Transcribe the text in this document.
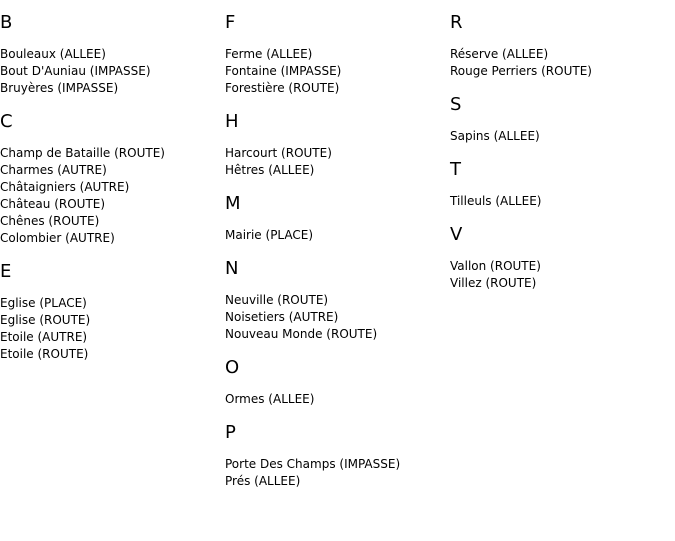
B
Bouleaux (ALLEE)
Bout D'Auniau (IMPASSE)
Bruyères (IMPASSE)
C
Champ de Bataille (ROUTE)
Charmes (AUTRE)
Châtaigniers (AUTRE)
Château (ROUTE)
Chênes (ROUTE)
Colombier (AUTRE)
E
Eglise (PLACE)
Eglise (ROUTE)
Etoile (AUTRE)
Etoile (ROUTE)
F
Ferme (ALLEE)
Fontaine (IMPASSE)
Forestière (ROUTE)
H
Harcourt (ROUTE)
Hêtres (ALLEE)
M
Mairie (PLACE)
N
Neuville (ROUTE)
Noisetiers (AUTRE)
Nouveau Monde (ROUTE)
O
Ormes (ALLEE)
P
Porte Des Champs (IMPASSE)
Prés (ALLEE)
R
Réserve (ALLEE)
Rouge Perriers (ROUTE)
S
Sapins (ALLEE)
T
Tilleuls (ALLEE)
V
Vallon (ROUTE)
Villez (ROUTE)
